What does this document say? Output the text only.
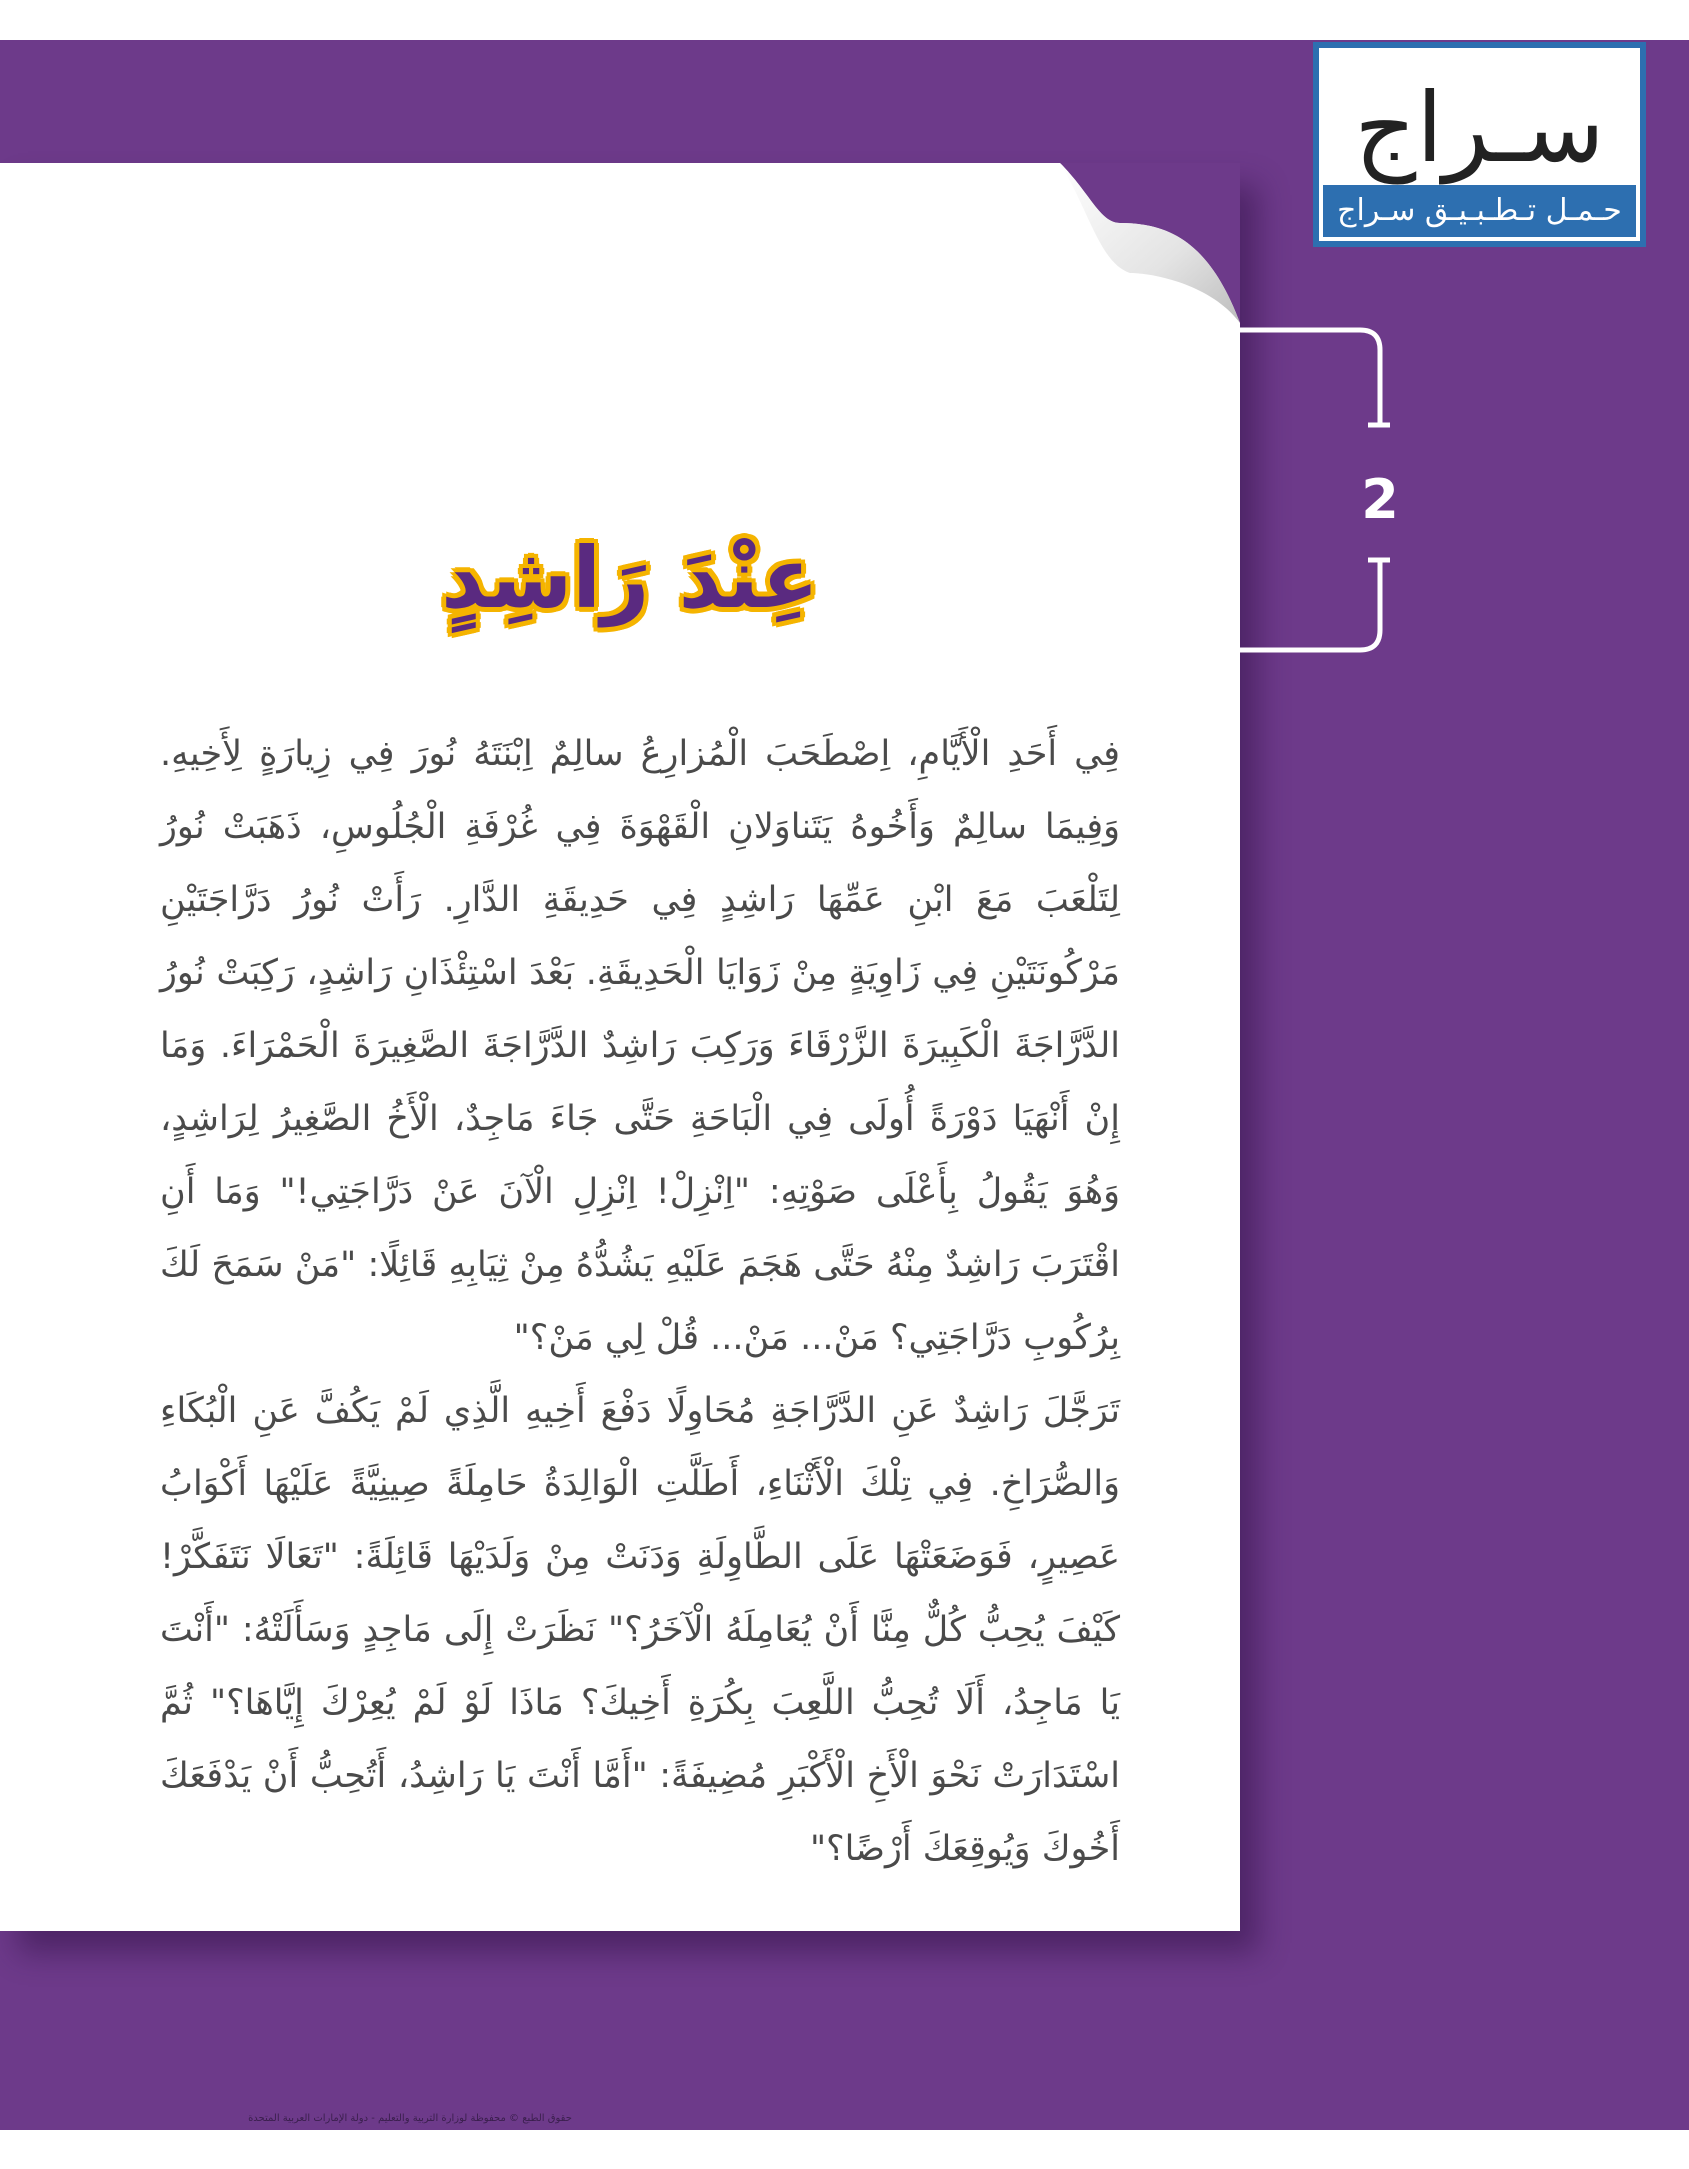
عِنْدَ رَاشِدٍ

فِي أَحَدِ الْأَيَّامِ، اِصْطَحَبَ الْمُزارِعُ سالِمٌ اِبْنَتَهُ نُورَ فِي زِيارَةٍ لِأَخِيهِ. وَفِيمَا سالِمٌ وَأَخُوهُ يَتَناوَلانِ الْقَهْوَةَ فِي غُرْفَةِ الْجُلُوسِ، ذَهَبَتْ نُورُ لِتَلْعَبَ مَعَ ابْنِ عَمِّهَا رَاشِدٍ فِي حَدِيقَةِ الدَّارِ. رَأَتْ نُورُ دَرَّاجَتَيْنِ مَرْكُونَتَيْنِ فِي زَاوِيَةٍ مِنْ زَوَايَا الْحَدِيقَةِ. بَعْدَ اسْتِئْذَانِ رَاشِدٍ، رَكِبَتْ نُورُ الدَّرَّاجَةَ الْكَبِيرَةَ الزَّرْقَاءَ وَرَكِبَ رَاشِدٌ الدَّرَّاجَةَ الصَّغِيرَةَ الْحَمْرَاءَ. وَمَا إِنْ أَنْهَيَا دَوْرَةً أُولَى فِي الْبَاحَةِ حَتَّى جَاءَ مَاجِدٌ، الْأَخُ الصَّغِيرُ لِرَاشِدٍ، وَهُوَ يَقُولُ بِأَعْلَى صَوْتِهِ: "اِنْزِلْ! اِنْزِلِ الْآنَ عَنْ دَرَّاجَتِي!" وَمَا أَنِ اقْتَرَبَ رَاشِدٌ مِنْهُ حَتَّى هَجَمَ عَلَيْهِ يَشُدُّهُ مِنْ ثِيَابِهِ قَائِلًا: "مَنْ سَمَحَ لَكَ بِرُكُوبِ دَرَّاجَتِي؟ مَنْ... مَنْ... قُلْ لِي مَنْ؟"

تَرَجَّلَ رَاشِدٌ عَنِ الدَّرَّاجَةِ مُحَاوِلًا دَفْعَ أَخِيهِ الَّذِي لَمْ يَكُفَّ عَنِ الْبُكَاءِ وَالصُّرَاخِ. فِي تِلْكَ الْأَثْنَاءِ، أَطَلَّتِ الْوَالِدَةُ حَامِلَةً صِينِيَّةً عَلَيْهَا أَكْوَابُ عَصِيرٍ، فَوَضَعَتْهَا عَلَى الطَّاوِلَةِ وَدَنَتْ مِنْ وَلَدَيْهَا قَائِلَةً: "تَعَالَا نَتَفَكَّرْ! كَيْفَ يُحِبُّ كُلٌّ مِنَّا أَنْ يُعَامِلَهُ الْآخَرُ؟" نَظَرَتْ إِلَى مَاجِدٍ وَسَأَلَتْهُ: "أَنْتَ يَا مَاجِدُ، أَلَا تُحِبُّ اللَّعِبَ بِكُرَةِ أَخِيكَ؟ مَاذَا لَوْ لَمْ يُعِرْكَ إِيَّاهَا؟" ثُمَّ اسْتَدَارَتْ نَحْوَ الْأَخِ الْأَكْبَرِ مُضِيفَةً: "أَمَّا أَنْتَ يَا رَاشِدُ، أَتُحِبُّ أَنْ يَدْفَعَكَ أَخُوكَ وَيُوقِعَكَ أَرْضًا؟"

2
سـراج
حـمـل تـطـبـيـق سـراج
حقوق الطبع © محفوظة لوزارة التربية والتعليم - دولة الإمارات العربية المتحدة
